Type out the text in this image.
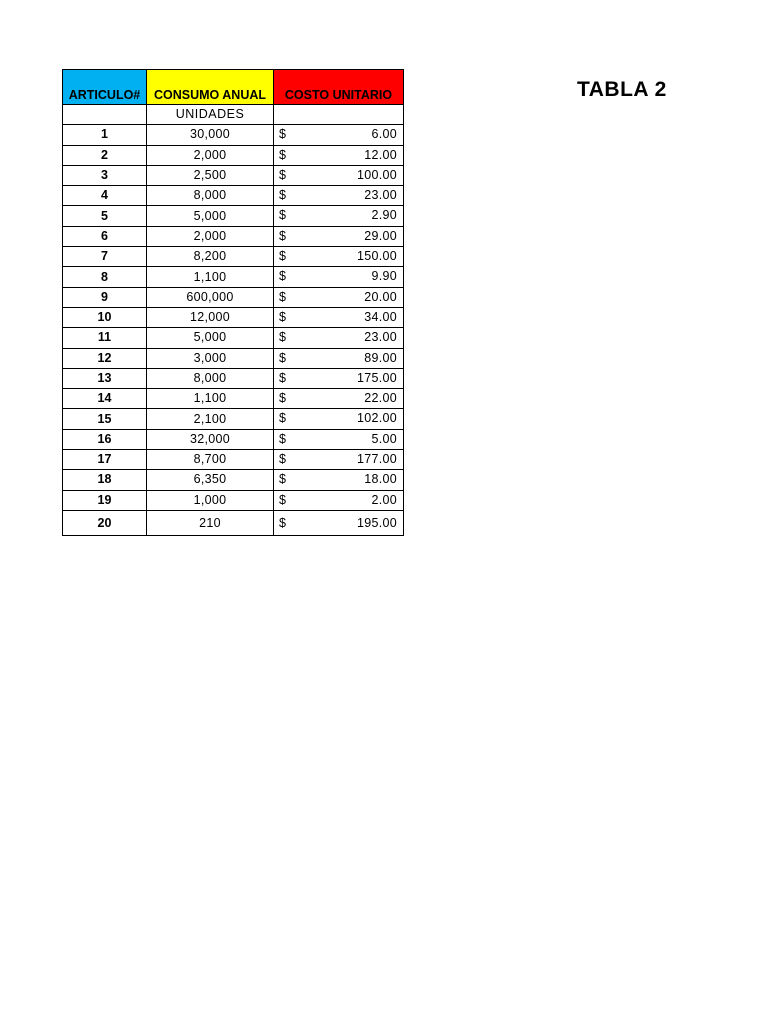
TABLA 2
ARTICULO#	CONSUMO ANUAL	COSTO UNITARIO
	UNIDADES	
1	30,000	$ 6.00

2	2,000	$ 12.00

3	2,500	$ 100.00

4	8,000	$ 23.00

5	5,000	$ 2.90

6	2,000	$ 29.00

7	8,200	$ 150.00

8	1,100	$ 9.90

9	600,000	$ 20.00

10	12,000	$ 34.00

11	5,000	$ 23.00

12	3,000	$ 89.00

13	8,000	$ 175.00

14	1,100	$ 22.00

15	2,100	$ 102.00

16	32,000	$ 5.00

17	8,700	$ 177.00

18	6,350	$ 18.00

19	1,000	$ 2.00

20	210	$ 195.00
